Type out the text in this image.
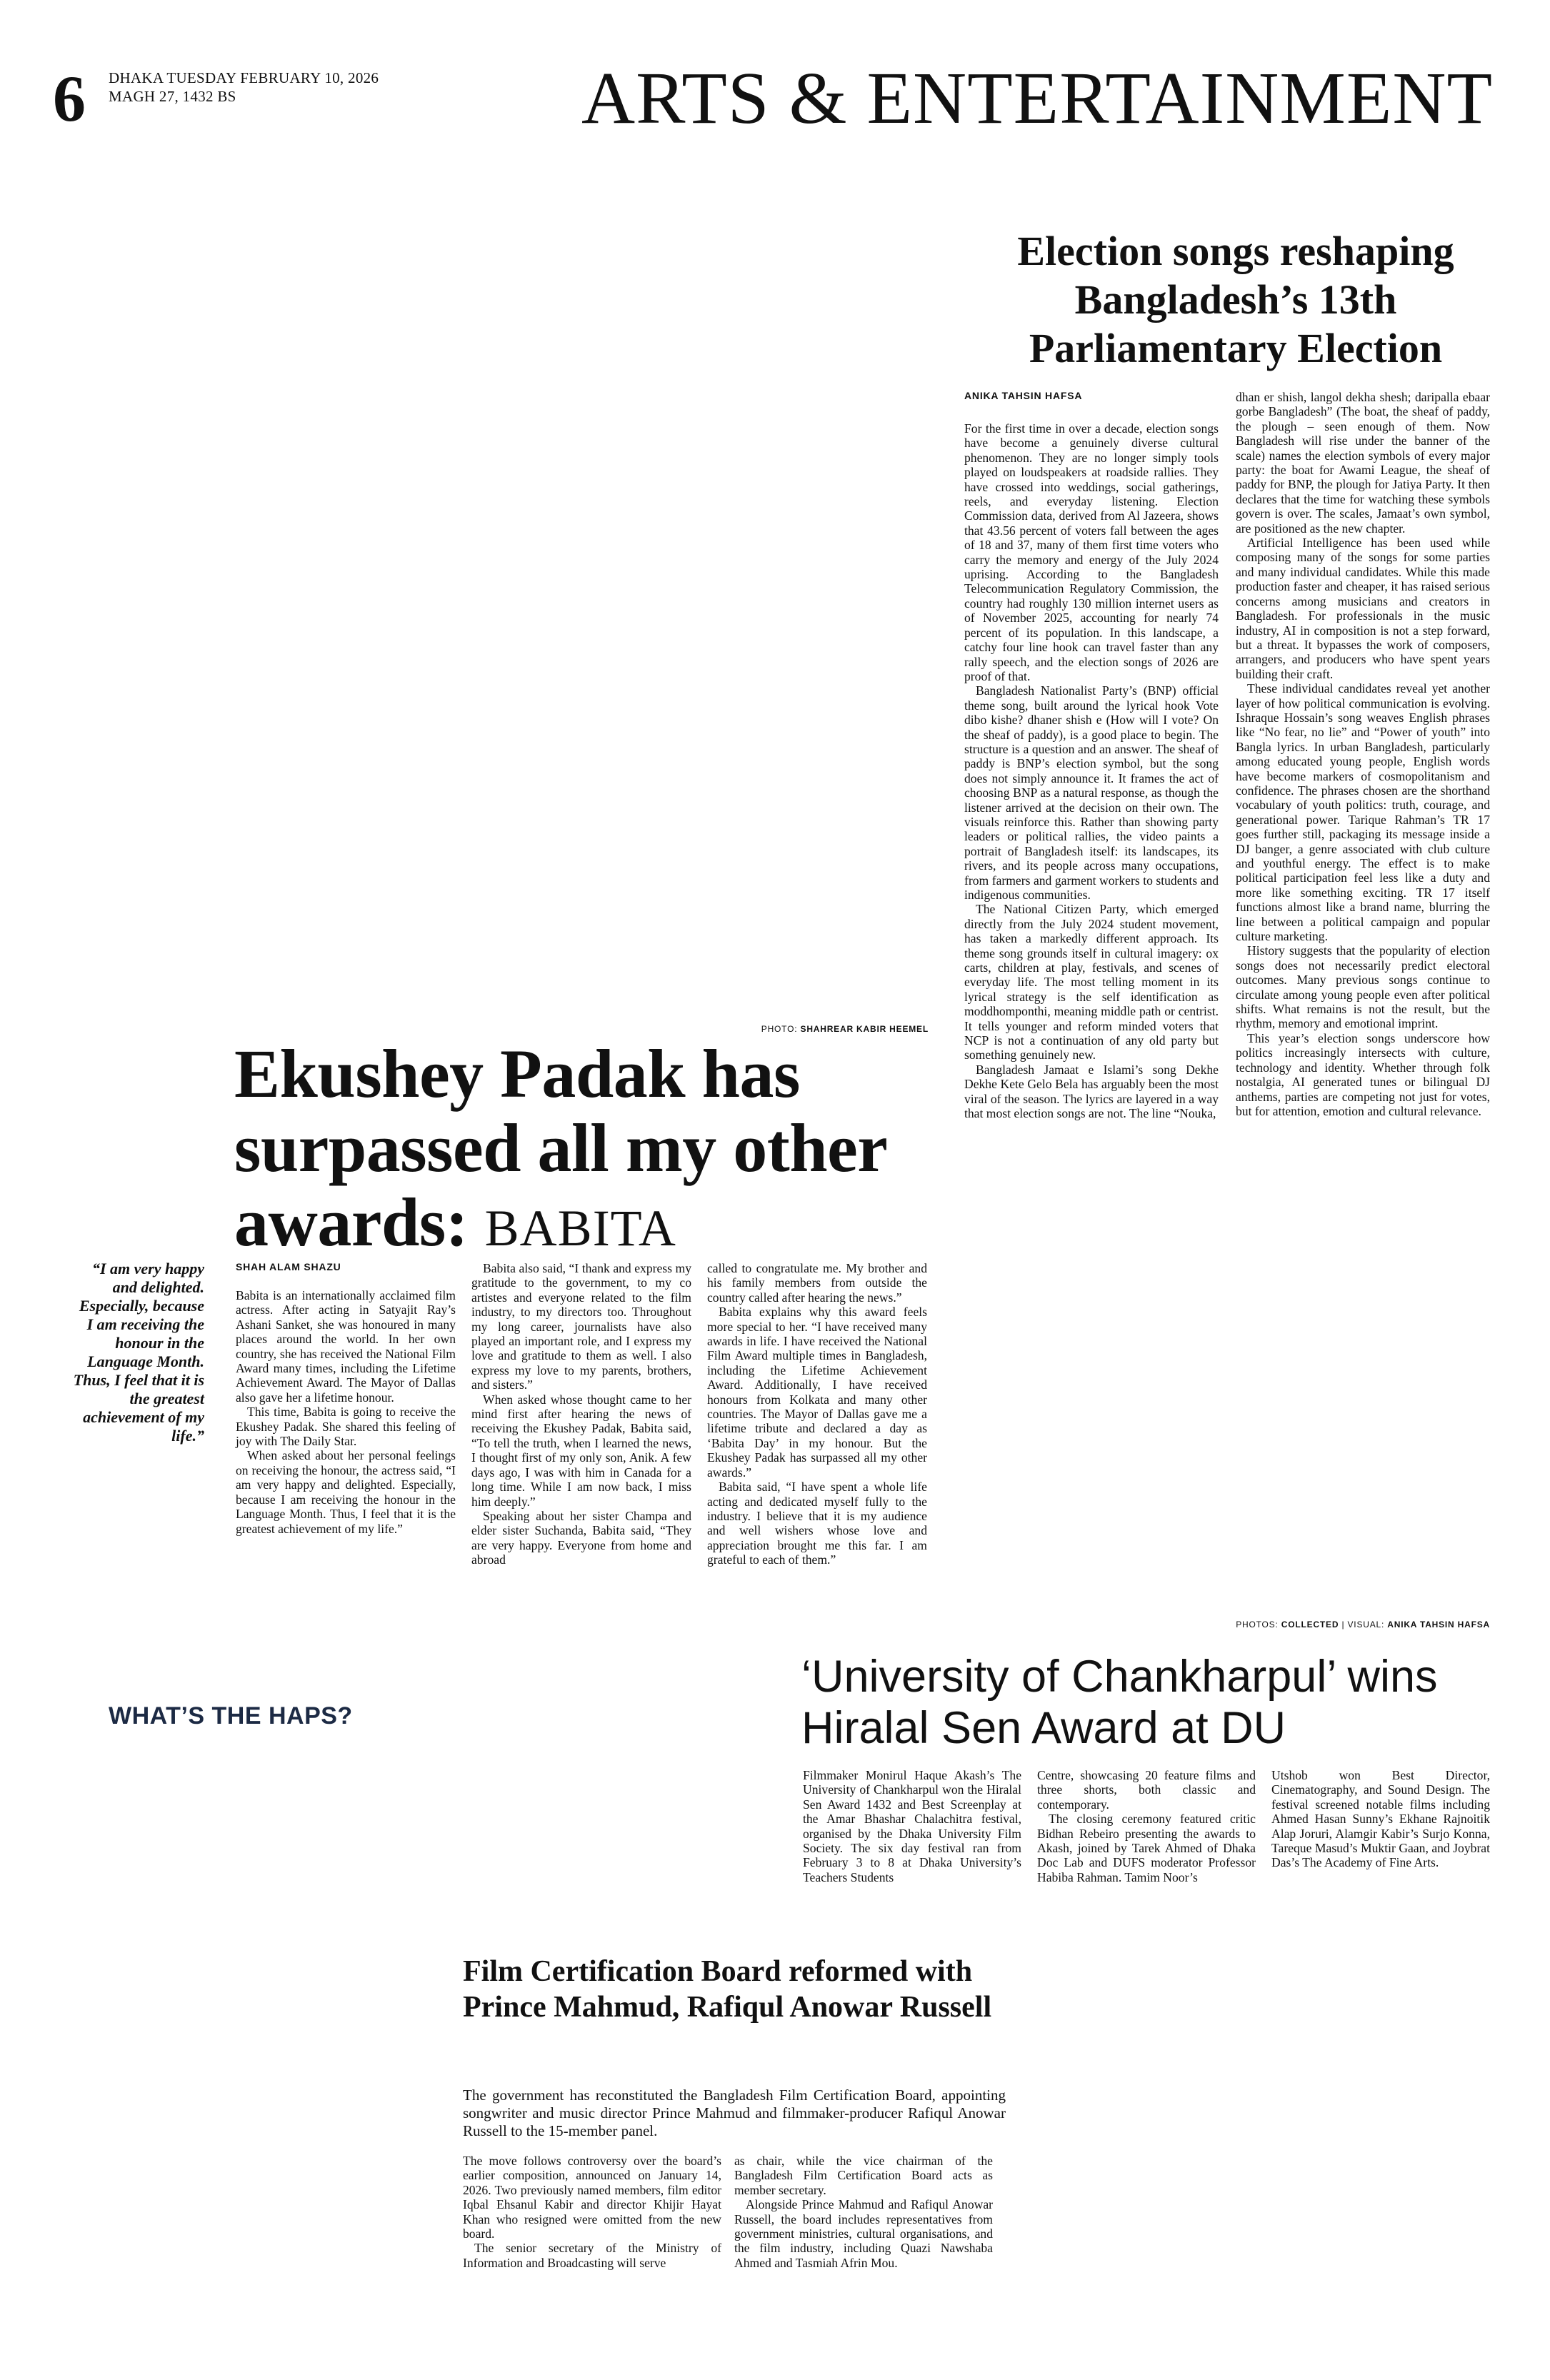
6 DHAKA TUESDAY FEBRUARY 10, 2026
MAGH 27, 1432 BS	ARTS & ENTERTAINMENT
Election songs reshaping Bangladesh’s 13th Parliamentary Election
ANIKA TAHSIN HAFSA

For the first time in over a decade, election songs have become a genuinely diverse cultural phenomenon. They are no longer simply tools played on loudspeakers at roadside rallies. They have crossed into weddings, social gatherings, reels, and everyday listening. Election Commission data, derived from Al Jazeera, shows that 43.56 percent of voters fall between the ages of 18 and 37, many of them first time voters who carry the memory and energy of the July 2024 uprising. According to the Bangladesh Telecommunication Regulatory Commission, the country had roughly 130 million internet users as of November 2025, accounting for nearly 74 percent of its population. In this landscape, a catchy four line hook can travel faster than any rally speech, and the election songs of 2026 are proof of that.

Bangladesh Nationalist Party’s (BNP) official theme song, built around the lyrical hook Vote dibo kishe? dhaner shish e (How will I vote? On the sheaf of paddy), is a good place to begin. The structure is a question and an answer. The sheaf of paddy is BNP’s election symbol, but the song does not simply announce it. It frames the act of choosing BNP as a natural response, as though the listener arrived at the decision on their own. The visuals reinforce this. Rather than showing party leaders or political rallies, the video paints a portrait of Bangladesh itself: its landscapes, its rivers, and its people across many occupations, from farmers and garment workers to students and indigenous communities.

The National Citizen Party, which emerged directly from the July 2024 student movement, has taken a markedly different approach. Its theme song grounds itself in cultural imagery: ox carts, children at play, festivals, and scenes of everyday life. The most telling moment in its lyrical strategy is the self identification as moddhomponthi, meaning middle path or centrist. It tells younger and reform minded voters that NCP is not a continuation of any old party but something genuinely new.

Bangladesh Jamaat e Islami’s song Dekhe Dekhe Kete Gelo Bela has arguably been the most viral of the season. The lyrics are layered in a way that most election songs are not. The line “Nouka,

dhan er shish, langol dekha shesh; daripalla ebaar gorbe Bangladesh” (The boat, the sheaf of paddy, the plough – seen enough of them. Now Bangladesh will rise under the banner of the scale) names the election symbols of every major party: the boat for Awami League, the sheaf of paddy for BNP, the plough for Jatiya Party. It then declares that the time for watching these symbols govern is over. The scales, Jamaat’s own symbol, are positioned as the new chapter.

Artificial Intelligence has been used while composing many of the songs for some parties and many individual candidates. While this made production faster and cheaper, it has raised serious concerns among musicians and creators in Bangladesh. For professionals in the music industry, AI in composition is not a step forward, but a threat. It bypasses the work of composers, arrangers, and producers who have spent years building their craft.

These individual candidates reveal yet another layer of how political communication is evolving. Ishraque Hossain’s song weaves English phrases like “No fear, no lie” and “Power of youth” into Bangla lyrics. In urban Bangladesh, particularly among educated young people, English words have become markers of cosmopolitanism and confidence. The phrases chosen are the shorthand vocabulary of youth politics: truth, courage, and generational power. Tarique Rahman’s TR 17 goes further still, packaging its message inside a DJ banger, a genre associated with club culture and youthful energy. The effect is to make political participation feel less like a duty and more like something exciting. TR 17 itself functions almost like a brand name, blurring the line between a political campaign and popular culture marketing.

History suggests that the popularity of election songs does not necessarily predict electoral outcomes. Many previous songs continue to circulate among young people even after political shifts. What remains is not the result, but the rhythm, memory and emotional imprint.

This year’s election songs underscore how politics increasingly intersects with culture, technology and identity. Whether through folk nostalgia, AI generated tunes or bilingual DJ anthems, parties are competing not just for votes, but for attention, emotion and cultural relevance.

PHOTOS: COLLECTED | VISUAL: ANIKA TAHSIN HAFSA
PHOTO: SHAHREAR KABIR HEEMEL
Ekushey Padak has surpassed all my other awards: BABITA
“I am very happy and delighted. Especially, because I am receiving the honour in the Language Month. Thus, I feel that it is the greatest achievement of my life.”
SHAH ALAM SHAZU

Babita is an internationally acclaimed film actress. After acting in Satyajit Ray’s Ashani Sanket, she was honoured in many places around the world. In her own country, she has received the National Film Award many times, including the Lifetime Achievement Award. The Mayor of Dallas also gave her a lifetime honour.

This time, Babita is going to receive the Ekushey Padak. She shared this feeling of joy with The Daily Star.

When asked about her personal feelings on receiving the honour, the actress said, “I am very happy and delighted. Especially, because I am receiving the honour in the Language Month. Thus, I feel that it is the greatest achievement of my life.”

Babita also said, “I thank and express my gratitude to the government, to my co artistes and everyone related to the film industry, to my directors too. Throughout my long career, journalists have also played an important role, and I express my love and gratitude to them as well. I also express my love to my parents, brothers, and sisters.”

When asked whose thought came to her mind first after hearing the news of receiving the Ekushey Padak, Babita said, “To tell the truth, when I learned the news, I thought first of my only son, Anik. A few days ago, I was with him in Canada for a long time. While I am now back, I miss him deeply.”

Speaking about her sister Champa and elder sister Suchanda, Babita said, “They are very happy. Everyone from home and abroad

called to congratulate me. My brother and his family members from outside the country called after hearing the news.”

Babita explains why this award feels more special to her. “I have received many awards in life. I have received the National Film Award multiple times in Bangladesh, including the Lifetime Achievement Award. Additionally, I have received honours from Kolkata and many other countries. The Mayor of Dallas gave me a lifetime tribute and declared a day as ‘Babita Day’ in my honour. But the Ekushey Padak has surpassed all my other awards.”

Babita said, “I have spent a whole life acting and dedicated myself fully to the industry. I believe that it is my audience and well wishers whose love and appreciation brought me this far. I am grateful to each of them.”

WHAT’S THE HAPS?
‘University of Chankharpul’ wins Hiralal Sen Award at DU

Filmmaker Monirul Haque Akash’s The University of Chankharpul won the Hiralal Sen Award 1432 and Best Screenplay at the Amar Bhashar Chalachitra festival, organised by the Dhaka University Film Society. The six day festival ran from February 3 to 8 at Dhaka University’s Teachers Students

Centre, showcasing 20 feature films and three shorts, both classic and contemporary.

The closing ceremony featured critic Bidhan Rebeiro presenting the awards to Akash, joined by Tarek Ahmed of Dhaka Doc Lab and DUFS moderator Professor Habiba Rahman. Tamim Noor’s

Utshob won Best Director, Cinematography, and Sound Design. The festival screened notable films including Ahmed Hasan Sunny’s Ekhane Rajnoitik Alap Joruri, Alamgir Kabir’s Surjo Konna, Tareque Masud’s Muktir Gaan, and Joybrat Das’s The Academy of Fine Arts.

Film Certification Board reformed with Prince Mahmud, Rafiqul Anowar Russell
The government has reconstituted the Bangladesh Film Certification Board, appointing songwriter and music director Prince Mahmud and filmmaker-producer Rafiqul Anowar Russell to the 15-member panel.

The move follows controversy over the board’s earlier composition, announced on January 14, 2026. Two previously named members, film editor Iqbal Ehsanul Kabir and director Khijir Hayat Khan who resigned were omitted from the new board.

The senior secretary of the Ministry of Information and Broadcasting will serve

as chair, while the vice chairman of the Bangladesh Film Certification Board acts as member secretary.

Alongside Prince Mahmud and Rafiqul Anowar Russell, the board includes representatives from government ministries, cultural organisations, and the film industry, including Quazi Nawshaba Ahmed and Tasmiah Afrin Mou.
